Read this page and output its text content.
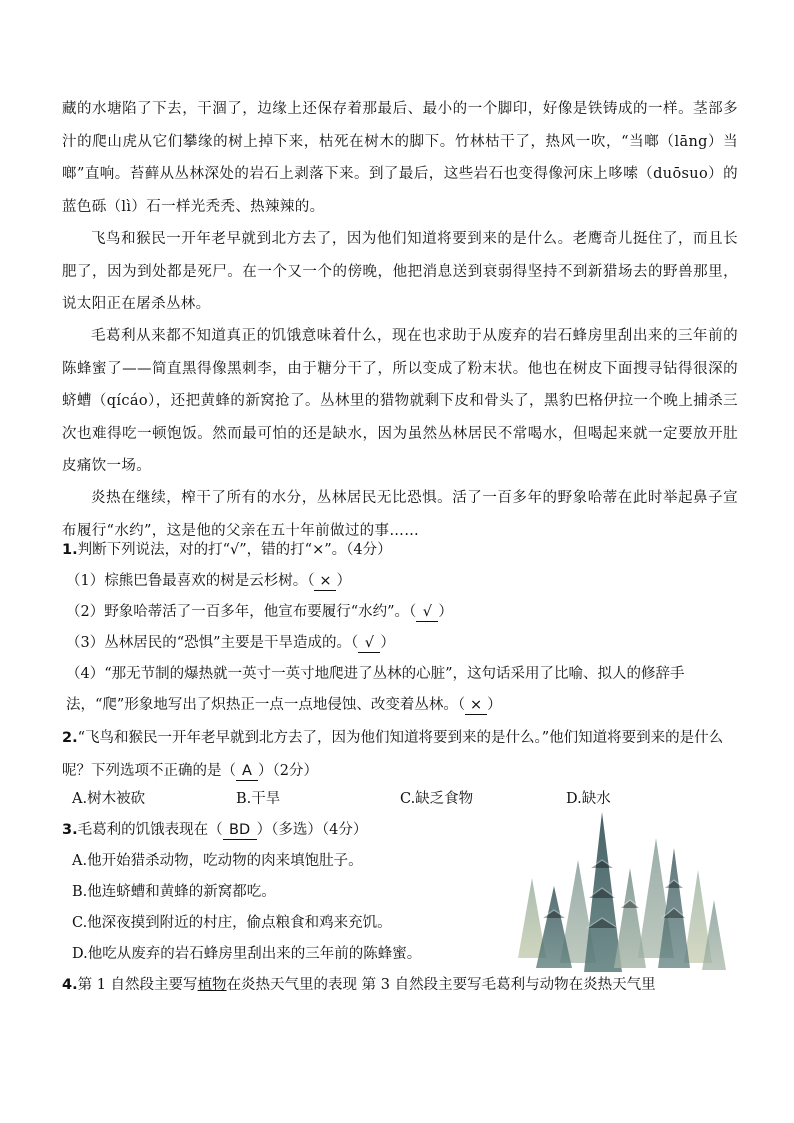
藏的水塘陷了下去，干涸了，边缘上还保存着那最后、最小的一个脚印，好像是铁铸成的一样。茎部多汁的爬山虎从它们攀缘的树上掉下来，枯死在树木的脚下。竹林枯干了，热风一吹，“当啷（lāng）当啷”直响。苔藓从丛林深处的岩石上剥落下来。到了最后，这些岩石也变得像河床上哆嗦（duōsuo）的蓝色砾（lì）石一样光秃秃、热辣辣的。

飞鸟和猴民一开年老早就到北方去了，因为他们知道将要到来的是什么。老鹰奇儿挺住了，而且长肥了，因为到处都是死尸。在一个又一个的傍晚，他把消息送到衰弱得坚持不到新猎场去的野兽那里，说太阳正在屠杀丛林。

毛葛利从来都不知道真正的饥饿意味着什么，现在也求助于从废弃的岩石蜂房里刮出来的三年前的陈蜂蜜了——简直黑得像黑刺李，由于糖分干了，所以变成了粉末状。他也在树皮下面搜寻钻得很深的蛴螬（qícáo），还把黄蜂的新窝抢了。丛林里的猎物就剩下皮和骨头了，黑豹巴格伊拉一个晚上捕杀三次也难得吃一顿饱饭。然而最可怕的还是缺水，因为虽然丛林居民不常喝水，但喝起来就一定要放开肚皮痛饮一场。

炎热在继续，榨干了所有的水分，丛林居民无比恐惧。活了一百多年的野象哈蒂在此时举起鼻子宣布履行“水约”，这是他的父亲在五十年前做过的事……

1.判断下列说法，对的打“√”，错的打“×”。（4分）

（1）棕熊巴鲁最喜欢的树是云杉树。（ × ）

（2）野象哈蒂活了一百多年，他宣布要履行“水约”。（ √ ）

（3）丛林居民的“恐惧”主要是干旱造成的。（ √ ）

（4）“那无节制的爆热就一英寸一英寸地爬进了丛林的心脏”，这句话采用了比喻、拟人的修辞手法，“爬”形象地写出了炽热正一点一点地侵蚀、改变着丛林。（ × ）

2.“飞鸟和猴民一开年老早就到北方去了，因为他们知道将要到来的是什么。”他们知道将要到来的是什么呢？下列选项不正确的是（ A ）（2分）

A.树木被砍	B.干旱	C.缺乏食物	D.缺水

3.毛葛利的饥饿表现在（ BD ）（多选）（4分）

A.他开始猎杀动物，吃动物的肉来填饱肚子。
B.他连蛴螬和黄蜂的新窝都吃。
C.他深夜摸到附近的村庄，偷点粮食和鸡来充饥。
D.他吃从废弃的岩石蜂房里刮出来的三年前的陈蜂蜜。

4.第 1 自然段主要写植物在炎热天气里的表现 第 3 自然段主要写毛葛利与动物在炎热天气里
